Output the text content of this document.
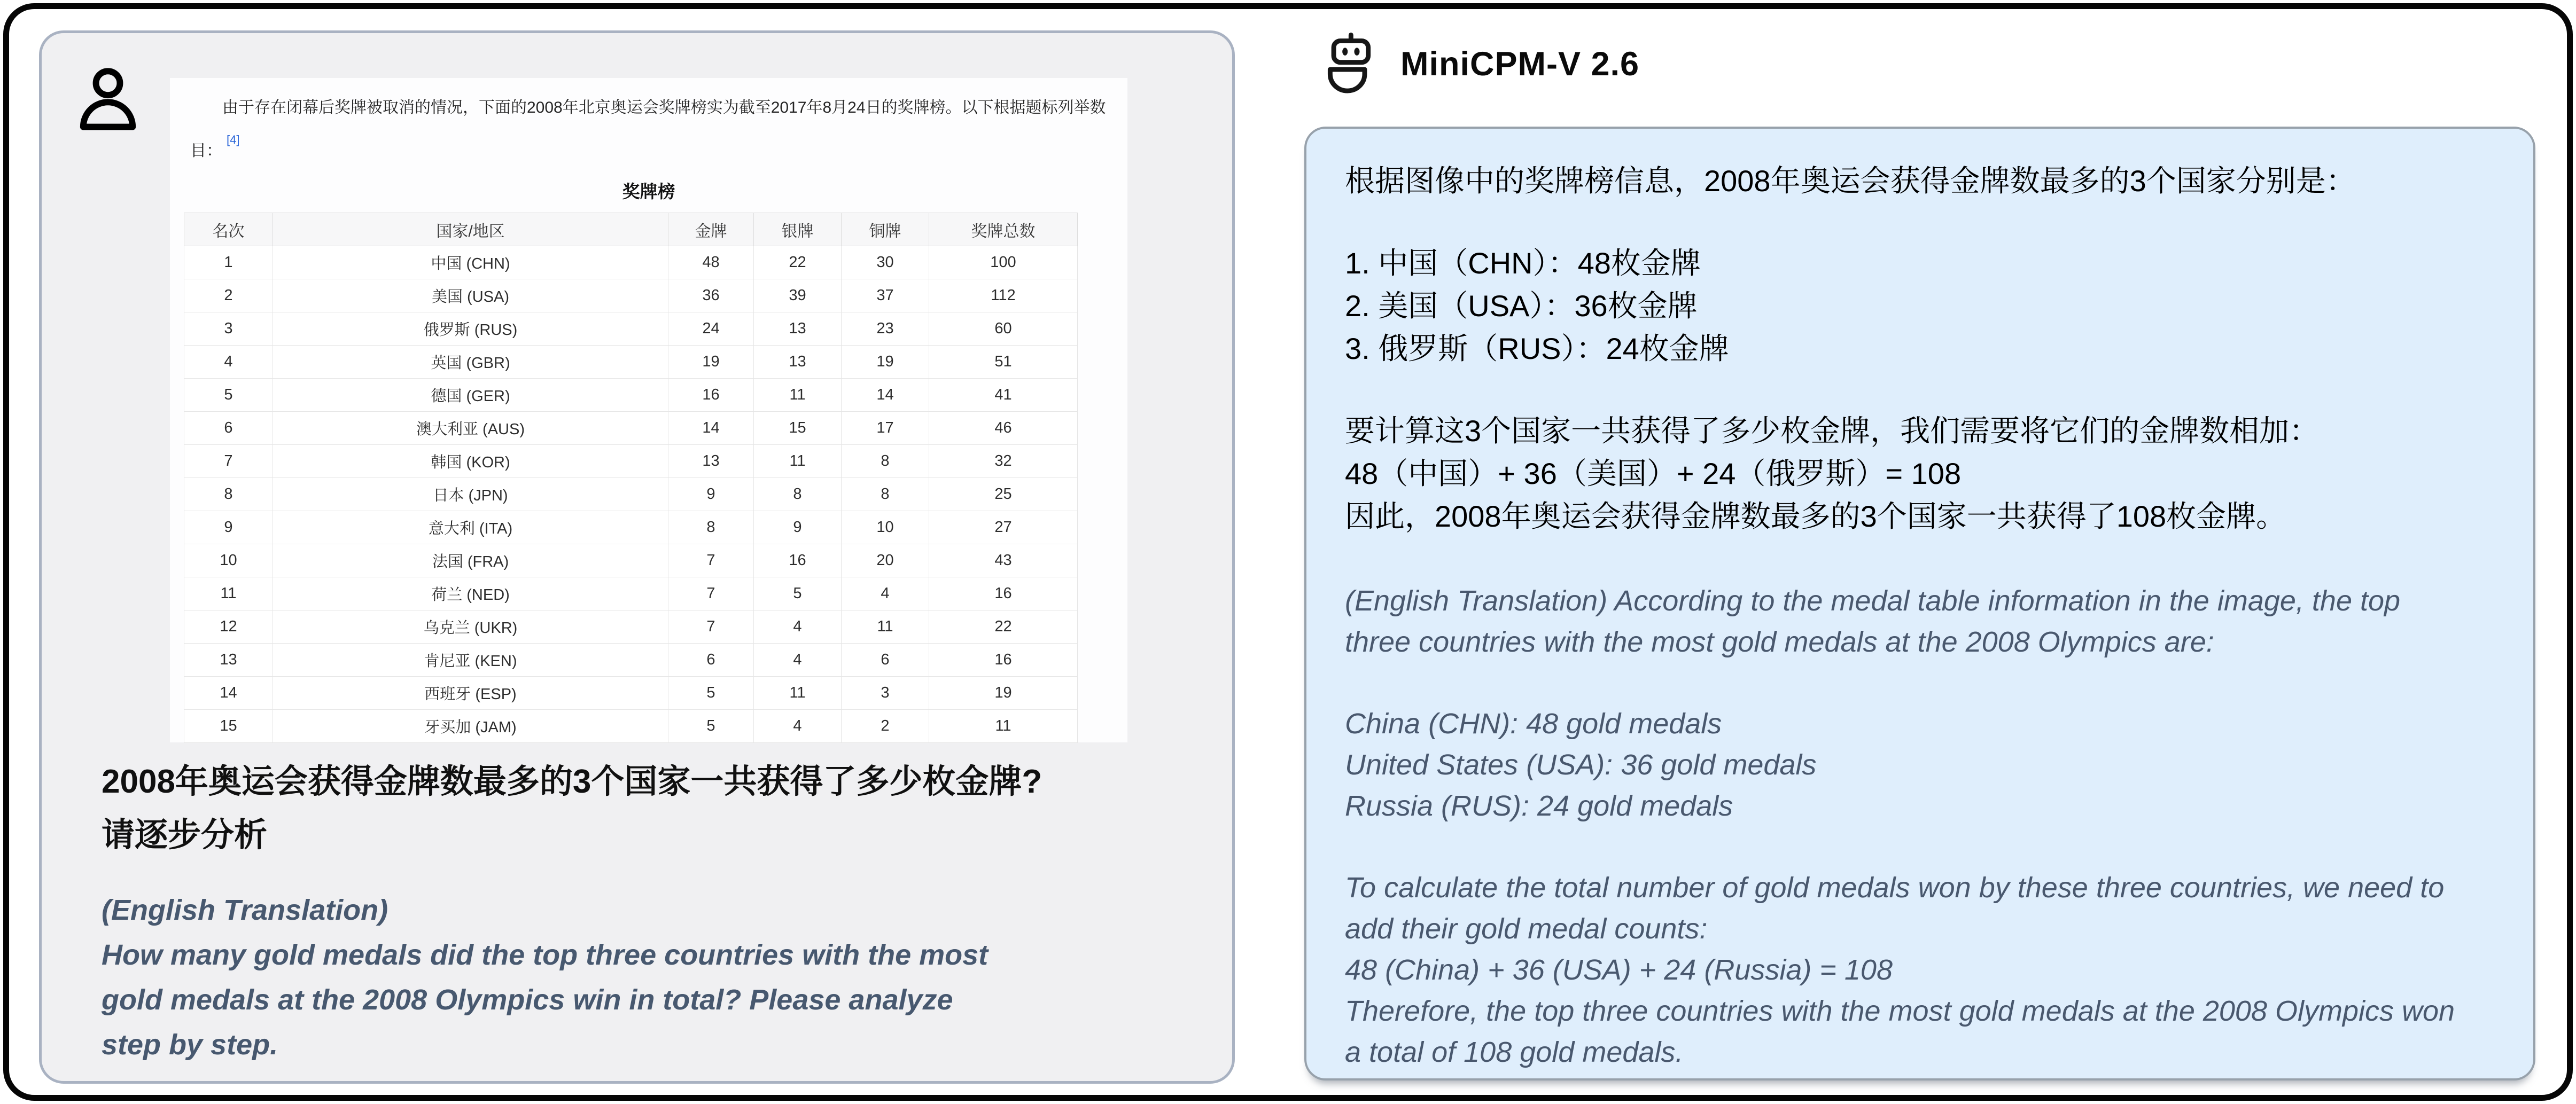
由于存在闭幕后奖牌被取消的情况，下面的2008年北京奥运会奖牌榜实为截至2017年8月24日的奖牌榜。以下根据题标列举数目：[4]

奖牌榜
名次	国家/地区	金牌	银牌	铜牌	奖牌总数
1	中国 (CHN)	48	22	30	100
2	美国 (USA)	36	39	37	112
3	俄罗斯 (RUS)	24	13	23	60
4	英国 (GBR)	19	13	19	51
5	德国 (GER)	16	11	14	41
6	澳大利亚 (AUS)	14	15	17	46
7	韩国 (KOR)	13	11	8	32
8	日本 (JPN)	9	8	8	25
9	意大利 (ITA)	8	9	10	27
10	法国 (FRA)	7	16	20	43
11	荷兰 (NED)	7	5	4	16
12	乌克兰 (UKR)	7	4	11	22
13	肯尼亚 (KEN)	6	4	6	16
14	西班牙 (ESP)	5	11	3	19
15	牙买加 (JAM)	5	4	2	11
2008年奥运会获得金牌数最多的3个国家一共获得了多少枚金牌?
请逐步分析
(English Translation)
How many gold medals did the top three countries with the most gold medals at the 2008 Olympics win in total? Please analyze step by step.
MiniCPM-V 2.6
根据图像中的奖牌榜信息，2008年奥运会获得金牌数最多的3个国家分别是：
1. 中国（CHN）：48枚金牌
2. 美国（USA）：36枚金牌
3. 俄罗斯（RUS）：24枚金牌
要计算这3个国家一共获得了多少枚金牌，我们需要将它们的金牌数相加：
48（中国）+ 36（美国）+ 24（俄罗斯）= 108
因此，2008年奥运会获得金牌数最多的3个国家一共获得了108枚金牌。
(English Translation) According to the medal table information in the image, the top three countries with the most gold medals at the 2008 Olympics are:
China (CHN): 48 gold medals
United States (USA): 36 gold medals
Russia (RUS): 24 gold medals
To calculate the total number of gold medals won by these three countries, we need to add their gold medal counts:
48 (China) + 36 (USA) + 24 (Russia) = 108
Therefore, the top three countries with the most gold medals at the 2008 Olympics won a total of 108 gold medals.
